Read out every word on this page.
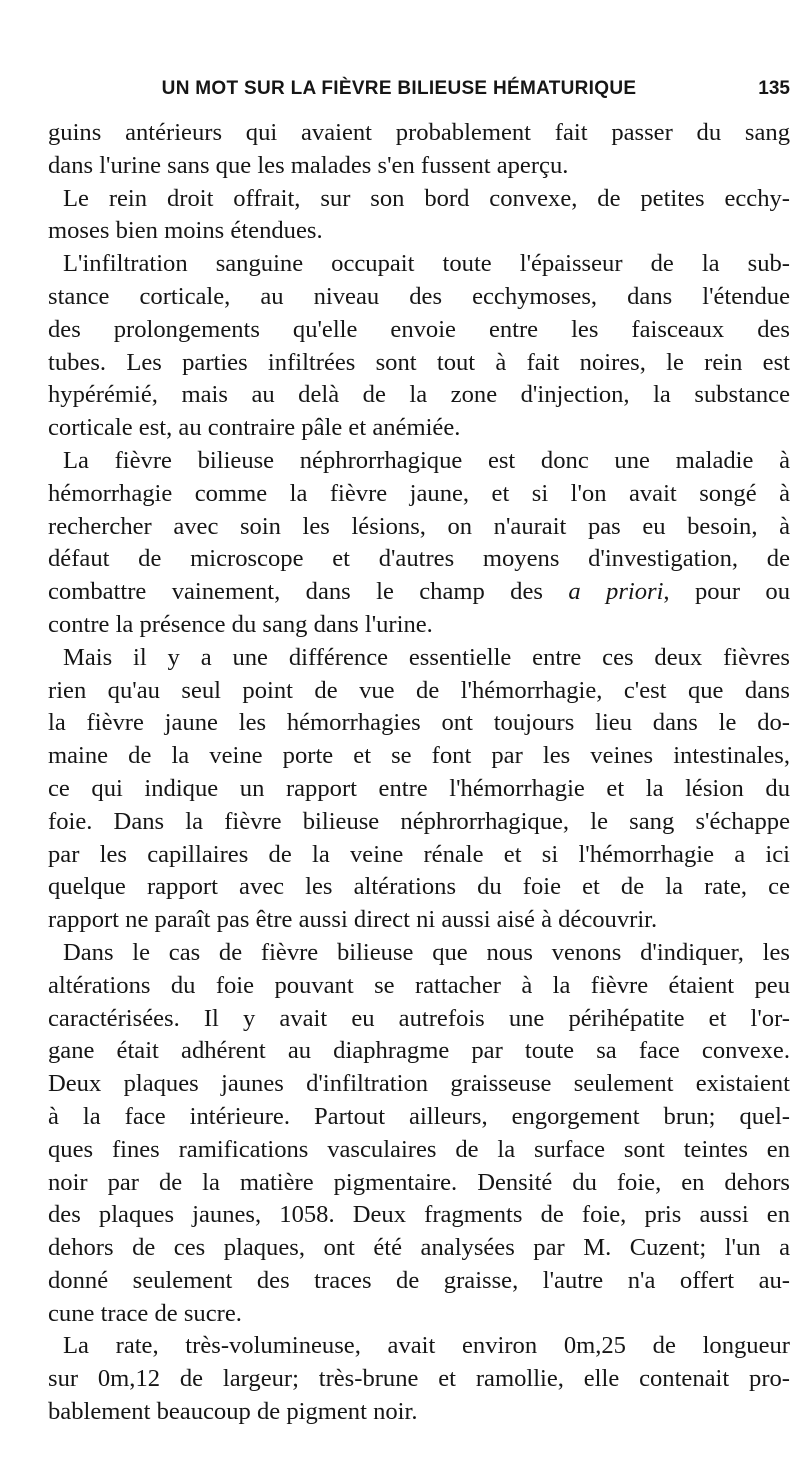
UN MOT SUR LA FIÈVRE BILIEUSE HÉMATURIQUE	135
guins antérieurs qui avaient probablement fait passer du sang
dans l'urine sans que les malades s'en fussent aperçu.
Le rein droit offrait, sur son bord convexe, de petites ecchy-
moses bien moins étendues.
L'infiltration sanguine occupait toute l'épaisseur de la sub-
stance corticale, au niveau des ecchymoses, dans l'étendue
des prolongements qu'elle envoie entre les faisceaux des
tubes. Les parties infiltrées sont tout à fait noires, le rein est
hypérémié, mais au delà de la zone d'injection, la substance
corticale est, au contraire pâle et anémiée.
La fièvre bilieuse néphrorrhagique est donc une maladie à
hémorrhagie comme la fièvre jaune, et si l'on avait songé à
rechercher avec soin les lésions, on n'aurait pas eu besoin, à
défaut de microscope et d'autres moyens d'investigation, de
combattre vainement, dans le champ des a priori, pour ou
contre la présence du sang dans l'urine.
Mais il y a une différence essentielle entre ces deux fièvres
rien qu'au seul point de vue de l'hémorrhagie, c'est que dans
la fièvre jaune les hémorrhagies ont toujours lieu dans le do-
maine de la veine porte et se font par les veines intestinales,
ce qui indique un rapport entre l'hémorrhagie et la lésion du
foie. Dans la fièvre bilieuse néphrorrhagique, le sang s'échappe
par les capillaires de la veine rénale et si l'hémorrhagie a ici
quelque rapport avec les altérations du foie et de la rate, ce
rapport ne paraît pas être aussi direct ni aussi aisé à découvrir.
Dans le cas de fièvre bilieuse que nous venons d'indiquer, les
altérations du foie pouvant se rattacher à la fièvre étaient peu
caractérisées. Il y avait eu autrefois une périhépatite et l'or-
gane était adhérent au diaphragme par toute sa face convexe.
Deux plaques jaunes d'infiltration graisseuse seulement existaient
à la face intérieure. Partout ailleurs, engorgement brun; quel-
ques fines ramifications vasculaires de la surface sont teintes en
noir par de la matière pigmentaire. Densité du foie, en dehors
des plaques jaunes, 1058. Deux fragments de foie, pris aussi en
dehors de ces plaques, ont été analysées par M. Cuzent; l'un a
donné seulement des traces de graisse, l'autre n'a offert au-
cune trace de sucre.
La rate, très-volumineuse, avait environ 0m,25 de longueur
sur 0m,12 de largeur; très-brune et ramollie, elle contenait pro-
bablement beaucoup de pigment noir.
